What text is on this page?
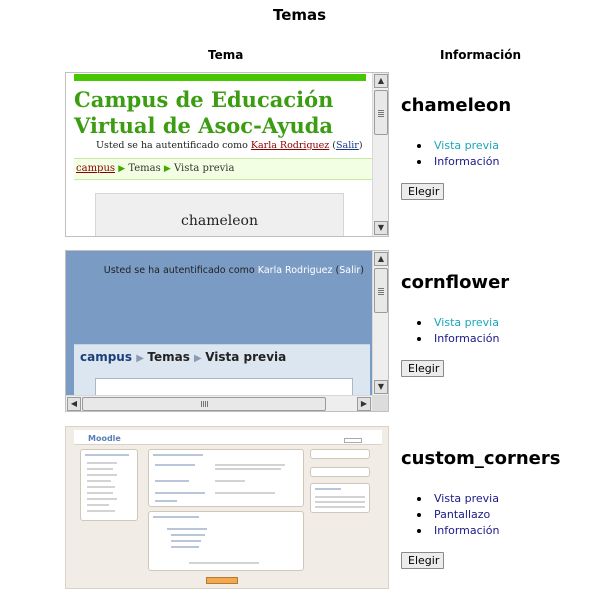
Temas
Tema	Información
Campus de Educación Virtual de Asoc-Ayuda
Usted se ha autentificado como Karla Rodriguez (Salir)
campus ▶ Temas ▶ Vista previa
chameleon
▲
▼
chameleon
Vista previa
Información
Elegir
Usted se ha autentificado como Karla Rodriguez (Salir)
campus ▶ Temas ▶ Vista previa
▲
▼
◀	▶
cornflower
Vista previa
Información
Elegir
Moodle
custom_corners
Vista previa
Pantallazo
Información
Elegir
